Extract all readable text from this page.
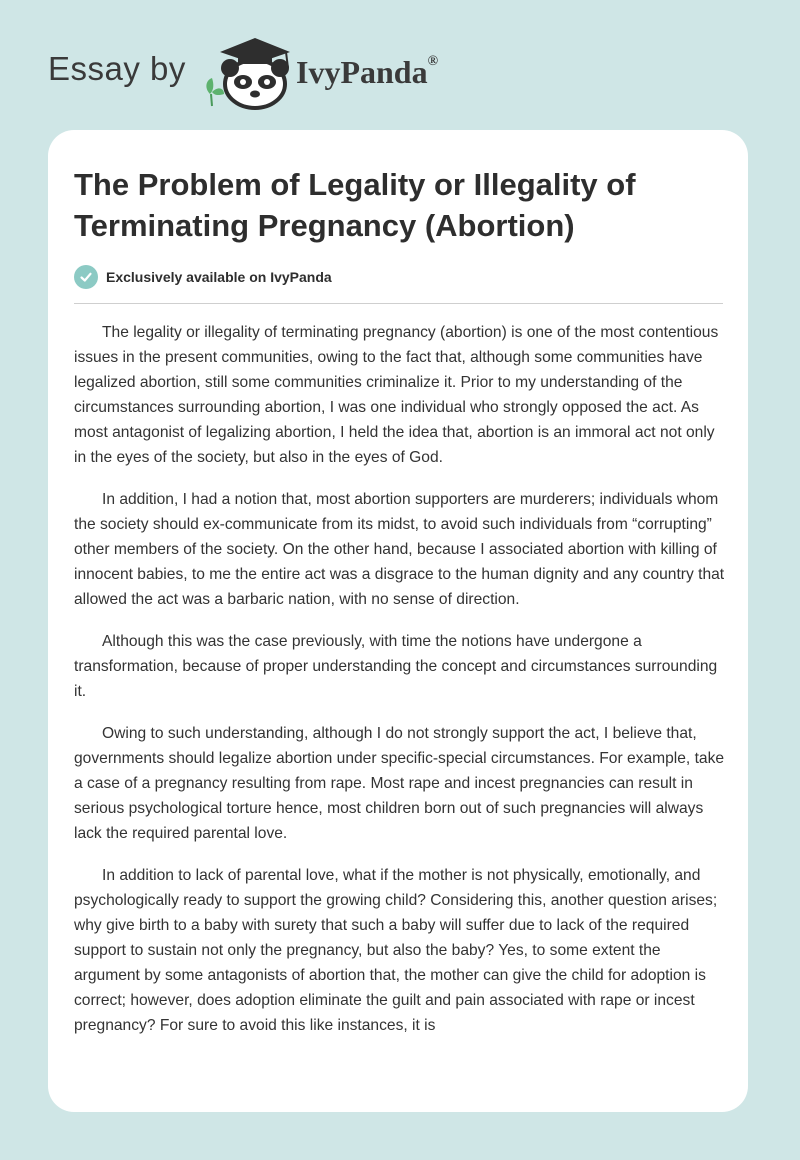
Essay by	IvyPanda®
The Problem of Legality or Illegality of Terminating Pregnancy (Abortion)
Exclusively available on IvyPanda

The legality or illegality of terminating pregnancy (abortion) is one of the most contentious issues in the present communities, owing to the fact that, although some communities have legalized abortion, still some communities criminalize it. Prior to my understanding of the circumstances surrounding abortion, I was one individual who strongly opposed the act. As most antagonist of legalizing abortion, I held the idea that, abortion is an immoral act not only in the eyes of the society, but also in the eyes of God.

In addition, I had a notion that, most abortion supporters are murderers; individuals whom the society should ex-communicate from its midst, to avoid such individuals from “corrupting” other members of the society. On the other hand, because I associated abortion with killing of innocent babies, to me the entire act was a disgrace to the human dignity and any country that allowed the act was a barbaric nation, with no sense of direction.

Although this was the case previously, with time the notions have undergone a transformation, because of proper understanding the concept and circumstances surrounding it.

Owing to such understanding, although I do not strongly support the act, I believe that, governments should legalize abortion under specific-special circumstances. For example, take a case of a pregnancy resulting from rape. Most rape and incest pregnancies can result in serious psychological torture hence, most children born out of such pregnancies will always lack the required parental love.

In addition to lack of parental love, what if the mother is not physically, emotionally, and psychologically ready to support the growing child? Considering this, another question arises; why give birth to a baby with surety that such a baby will suffer due to lack of the required support to sustain not only the pregnancy, but also the baby? Yes, to some extent the argument by some antagonists of abortion that, the mother can give the child for adoption is correct; however, does adoption eliminate the guilt and pain associated with rape or incest pregnancy? For sure to avoid this like instances, it is
